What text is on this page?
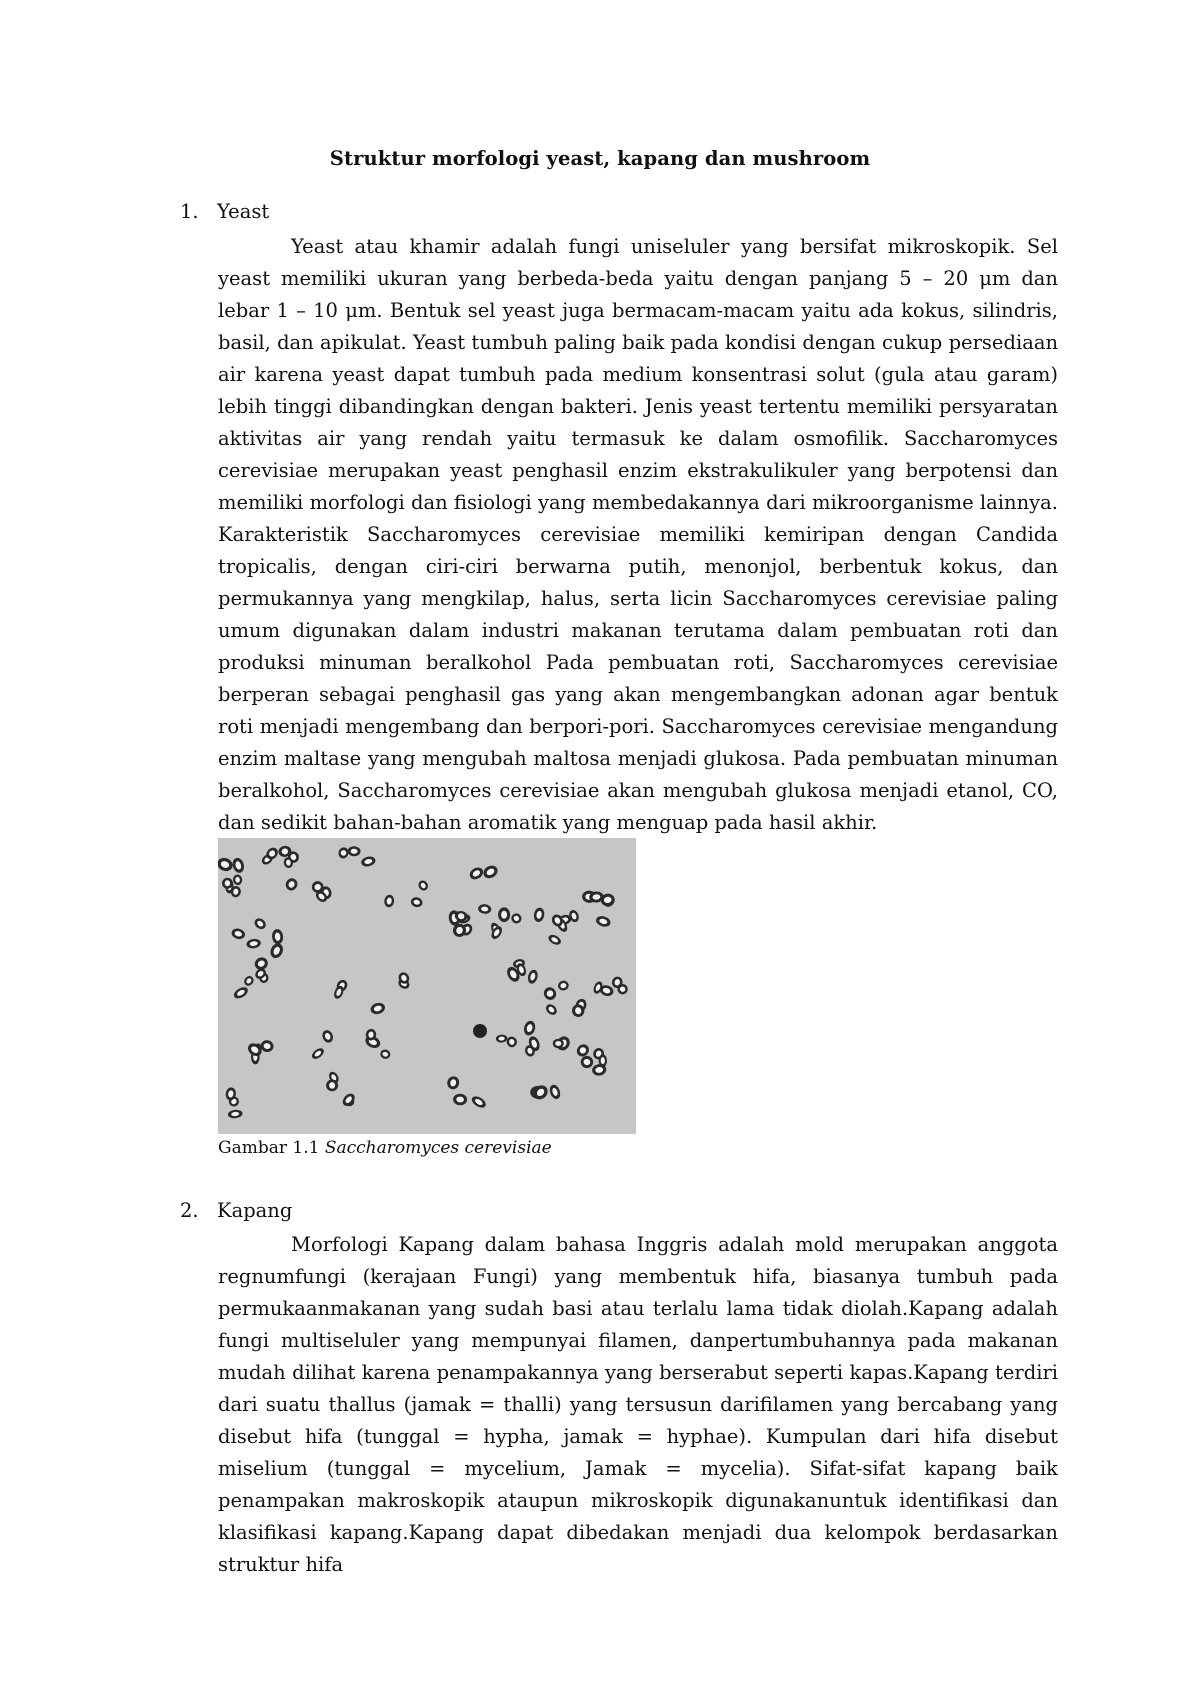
Struktur morfologi yeast, kapang dan mushroom
1. Yeast

Yeast atau khamir adalah fungi uniseluler yang bersifat mikroskopik. Sel yeast memiliki ukuran yang berbeda-beda yaitu dengan panjang 5 – 20 μm dan lebar 1 – 10 μm. Bentuk sel yeast juga bermacam-macam yaitu ada kokus, silindris, basil, dan apikulat. Yeast tumbuh paling baik pada kondisi dengan cukup persediaan air karena yeast dapat tumbuh pada medium konsentrasi solut (gula atau garam) lebih tinggi dibandingkan dengan bakteri. Jenis yeast tertentu memiliki persyaratan aktivitas air yang rendah yaitu termasuk ke dalam osmofilik. Saccharomyces cerevisiae merupakan yeast penghasil enzim ekstrakulikuler yang berpotensi dan memiliki morfologi dan fisiologi yang membedakannya dari mikroorganisme lainnya. Karakteristik Saccharomyces cerevisiae memiliki kemiripan dengan Candida tropicalis, dengan ciri-ciri berwarna putih, menonjol, berbentuk kokus, dan permukannya yang mengkilap, halus, serta licin Saccharomyces cerevisiae paling umum digunakan dalam industri makanan terutama dalam pembuatan roti dan produksi minuman beralkohol Pada pembuatan roti, Saccharomyces cerevisiae berperan sebagai penghasil gas yang akan mengembangkan adonan agar bentuk roti menjadi mengembang dan berpori-pori. Saccharomyces cerevisiae mengandung enzim maltase yang mengubah maltosa menjadi glukosa. Pada pembuatan minuman beralkohol, Saccharomyces cerevisiae akan mengubah glukosa menjadi etanol, CO, dan sedikit bahan-bahan aromatik yang menguap pada hasil akhir.

Gambar 1.1 Saccharomyces cerevisiae
2. Kapang

Morfologi Kapang dalam bahasa Inggris adalah mold merupakan anggota regnumfungi (kerajaan Fungi) yang membentuk hifa, biasanya tumbuh pada permukaanmakanan yang sudah basi atau terlalu lama tidak diolah.Kapang adalah fungi multiseluler yang mempunyai filamen, danpertumbuhannya pada makanan mudah dilihat karena penampakannya yang berserabut seperti kapas.Kapang terdiri dari suatu thallus (jamak = thalli) yang tersusun darifilamen yang bercabang yang disebut hifa (tunggal = hypha, jamak = hyphae). Kumpulan dari hifa disebut miselium (tunggal = mycelium, Jamak = mycelia). Sifat-sifat kapang baik penampakan makroskopik ataupun mikroskopik digunakanuntuk identifikasi dan klasifikasi kapang.Kapang dapat dibedakan menjadi dua kelompok berdasarkan struktur hifa
